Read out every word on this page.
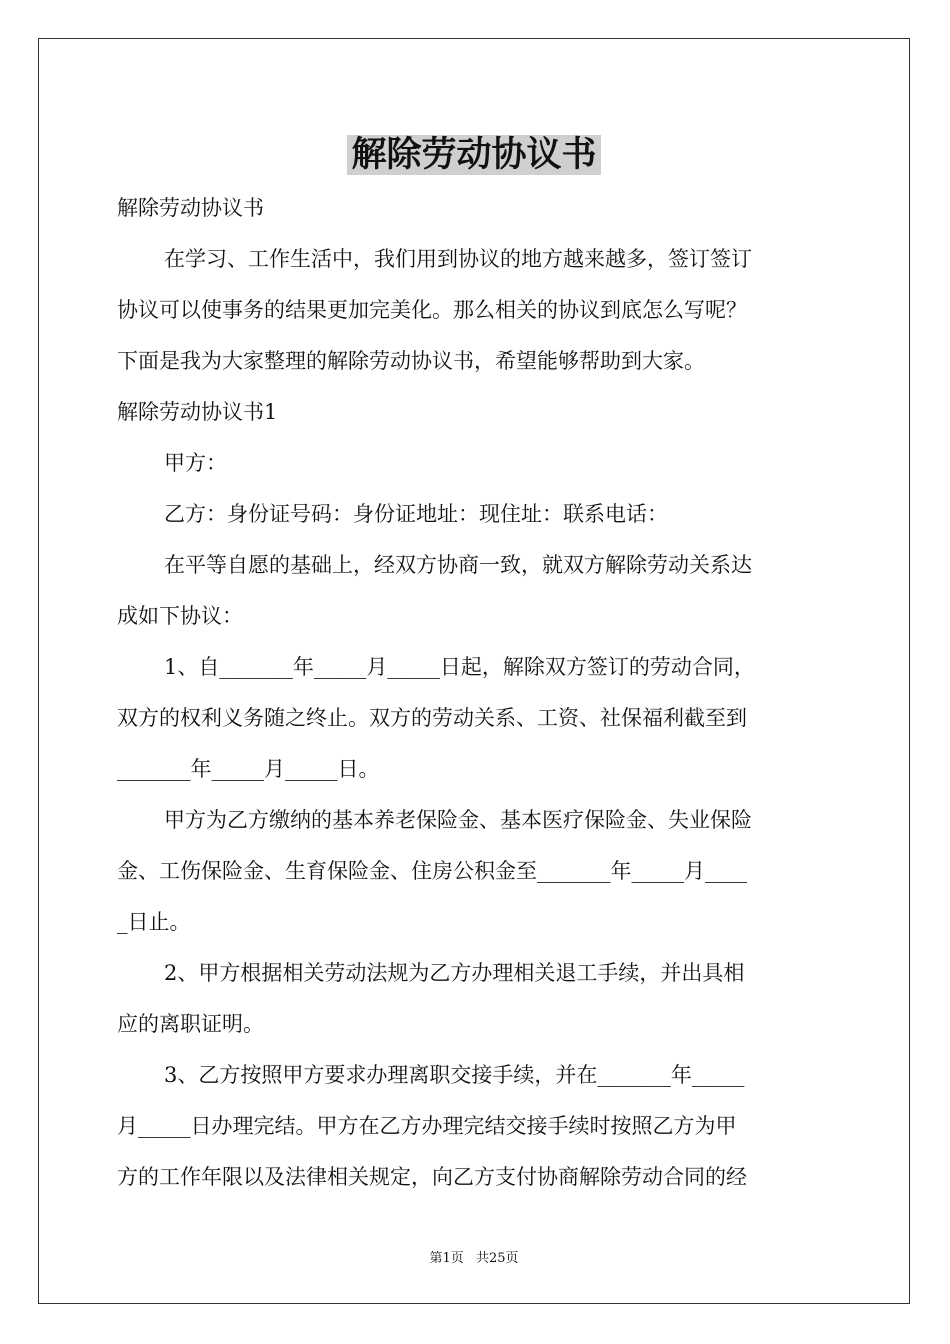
解除劳动协议书
解除劳动协议书
在学习、工作生活中，我们用到协议的地方越来越多，签订签订
协议可以使事务的结果更加完美化。那么相关的协议到底怎么写呢？
下面是我为大家整理的解除劳动协议书，希望能够帮助到大家。
解除劳动协议书1
甲方：
乙方：身份证号码：身份证地址：现住址：联系电话：
在平等自愿的基础上，经双方协商一致，就双方解除劳动关系达
成如下协议：
1、自_______年_____月_____日起，解除双方签订的劳动合同，
双方的权利义务随之终止。双方的劳动关系、工资、社保福利截至到
_______年_____月_____日。
甲方为乙方缴纳的基本养老保险金、基本医疗保险金、失业保险
金、工伤保险金、生育保险金、住房公积金至_______年_____月____
_日止。
2、甲方根据相关劳动法规为乙方办理相关退工手续，并出具相
应的离职证明。
3、乙方按照甲方要求办理离职交接手续，并在_______年_____
月_____日办理完结。甲方在乙方办理完结交接手续时按照乙方为甲
方的工作年限以及法律相关规定，向乙方支付协商解除劳动合同的经
第1页 共25页
